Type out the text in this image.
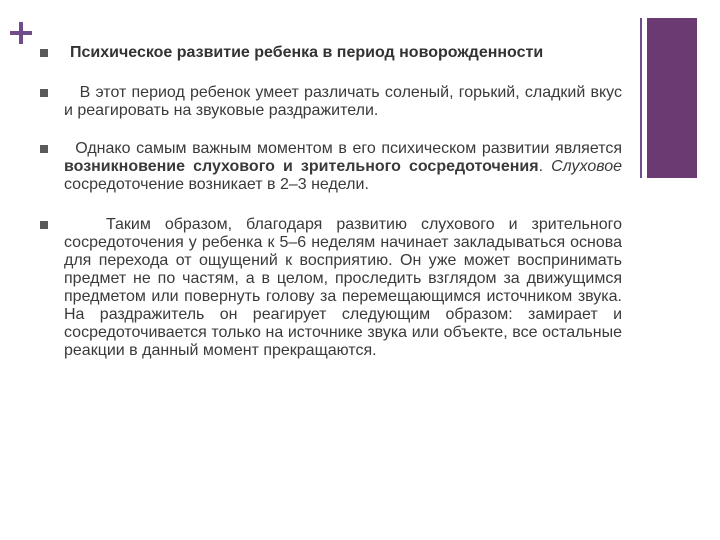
Психическое развитие ребенка в период новорожденности
В этот период ребенок умеет различать соленый, горький, сладкий вкус и реагировать на звуковые раздражители.
Однако самым важным моментом в его психическом развитии является возникновение слухового и зрительного сосредоточения. Слуховое сосредоточение возникает в 2–3 недели.
Таким образом, благодаря развитию слухового и зрительного сосредоточения у ребенка к 5–6 неделям начинает закладываться основа для перехода от ощущений к восприятию. Он уже может воспринимать предмет не по частям, а в целом, проследить взглядом за движущимся предметом или повернуть голову за перемещающимся источником звука. На раздражитель он реагирует следующим образом: замирает и сосредоточивается только на источнике звука или объекте, все остальные реакции в данный момент прекращаются.
